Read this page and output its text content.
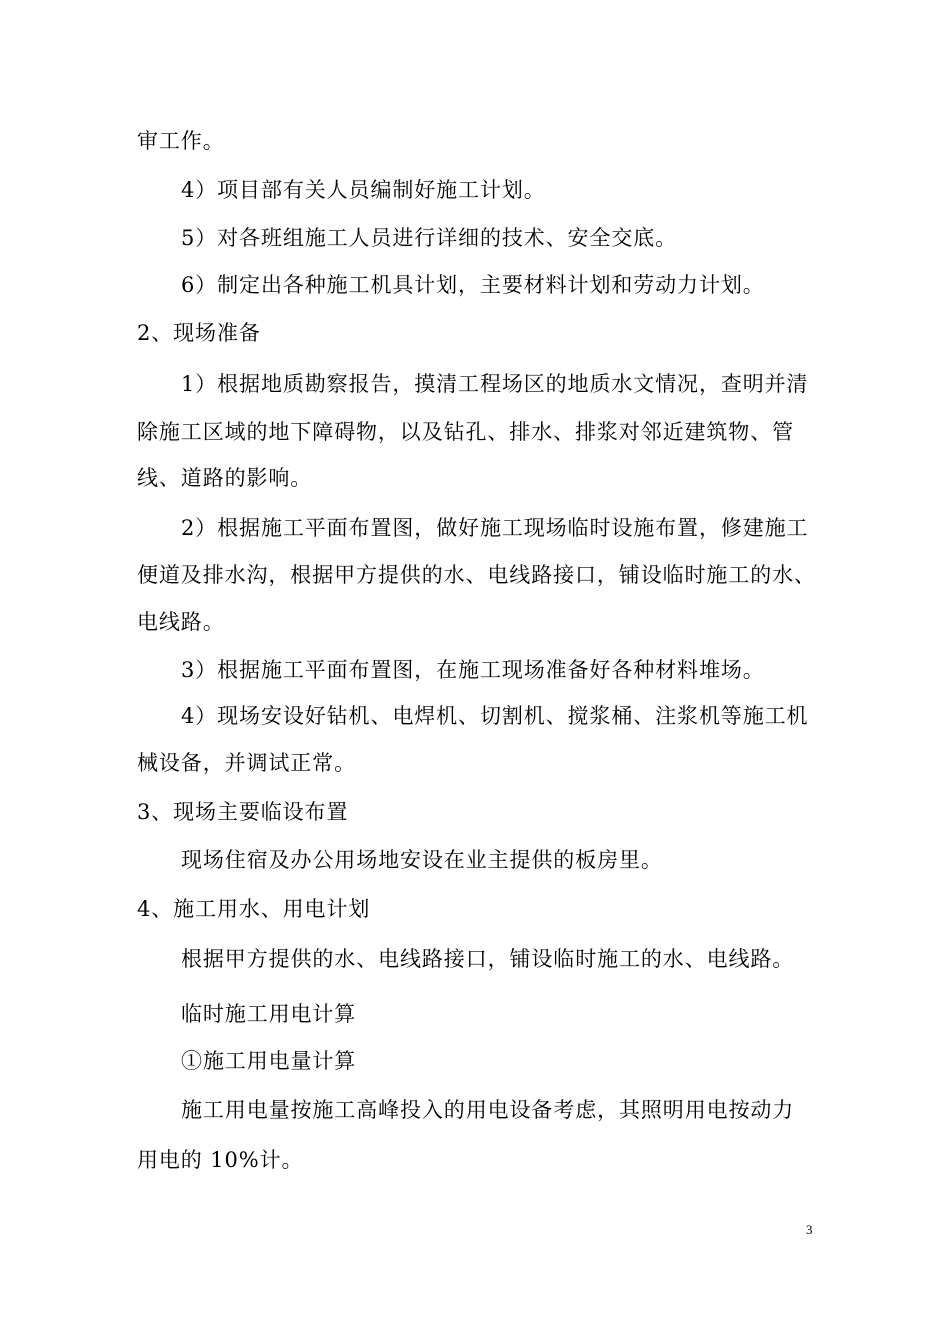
审工作。
4）项目部有关人员编制好施工计划。
5）对各班组施工人员进行详细的技术、安全交底。
6）制定出各种施工机具计划，主要材料计划和劳动力计划。
2、现场准备
1）根据地质勘察报告，摸清工程场区的地质水文情况，查明并清
除施工区域的地下障碍物，以及钻孔、排水、排浆对邻近建筑物、管
线、道路的影响。
2）根据施工平面布置图，做好施工现场临时设施布置，修建施工
便道及排水沟，根据甲方提供的水、电线路接口，铺设临时施工的水、
电线路。
3）根据施工平面布置图，在施工现场准备好各种材料堆场。
4）现场安设好钻机、电焊机、切割机、搅浆桶、注浆机等施工机
械设备，并调试正常。
3、现场主要临设布置
现场住宿及办公用场地安设在业主提供的板房里。
4、施工用水、用电计划
根据甲方提供的水、电线路接口，铺设临时施工的水、电线路。
临时施工用电计算
①施工用电量计算
施工用电量按施工高峰投入的用电设备考虑，其照明用电按动力
用电的 10%计。
3
